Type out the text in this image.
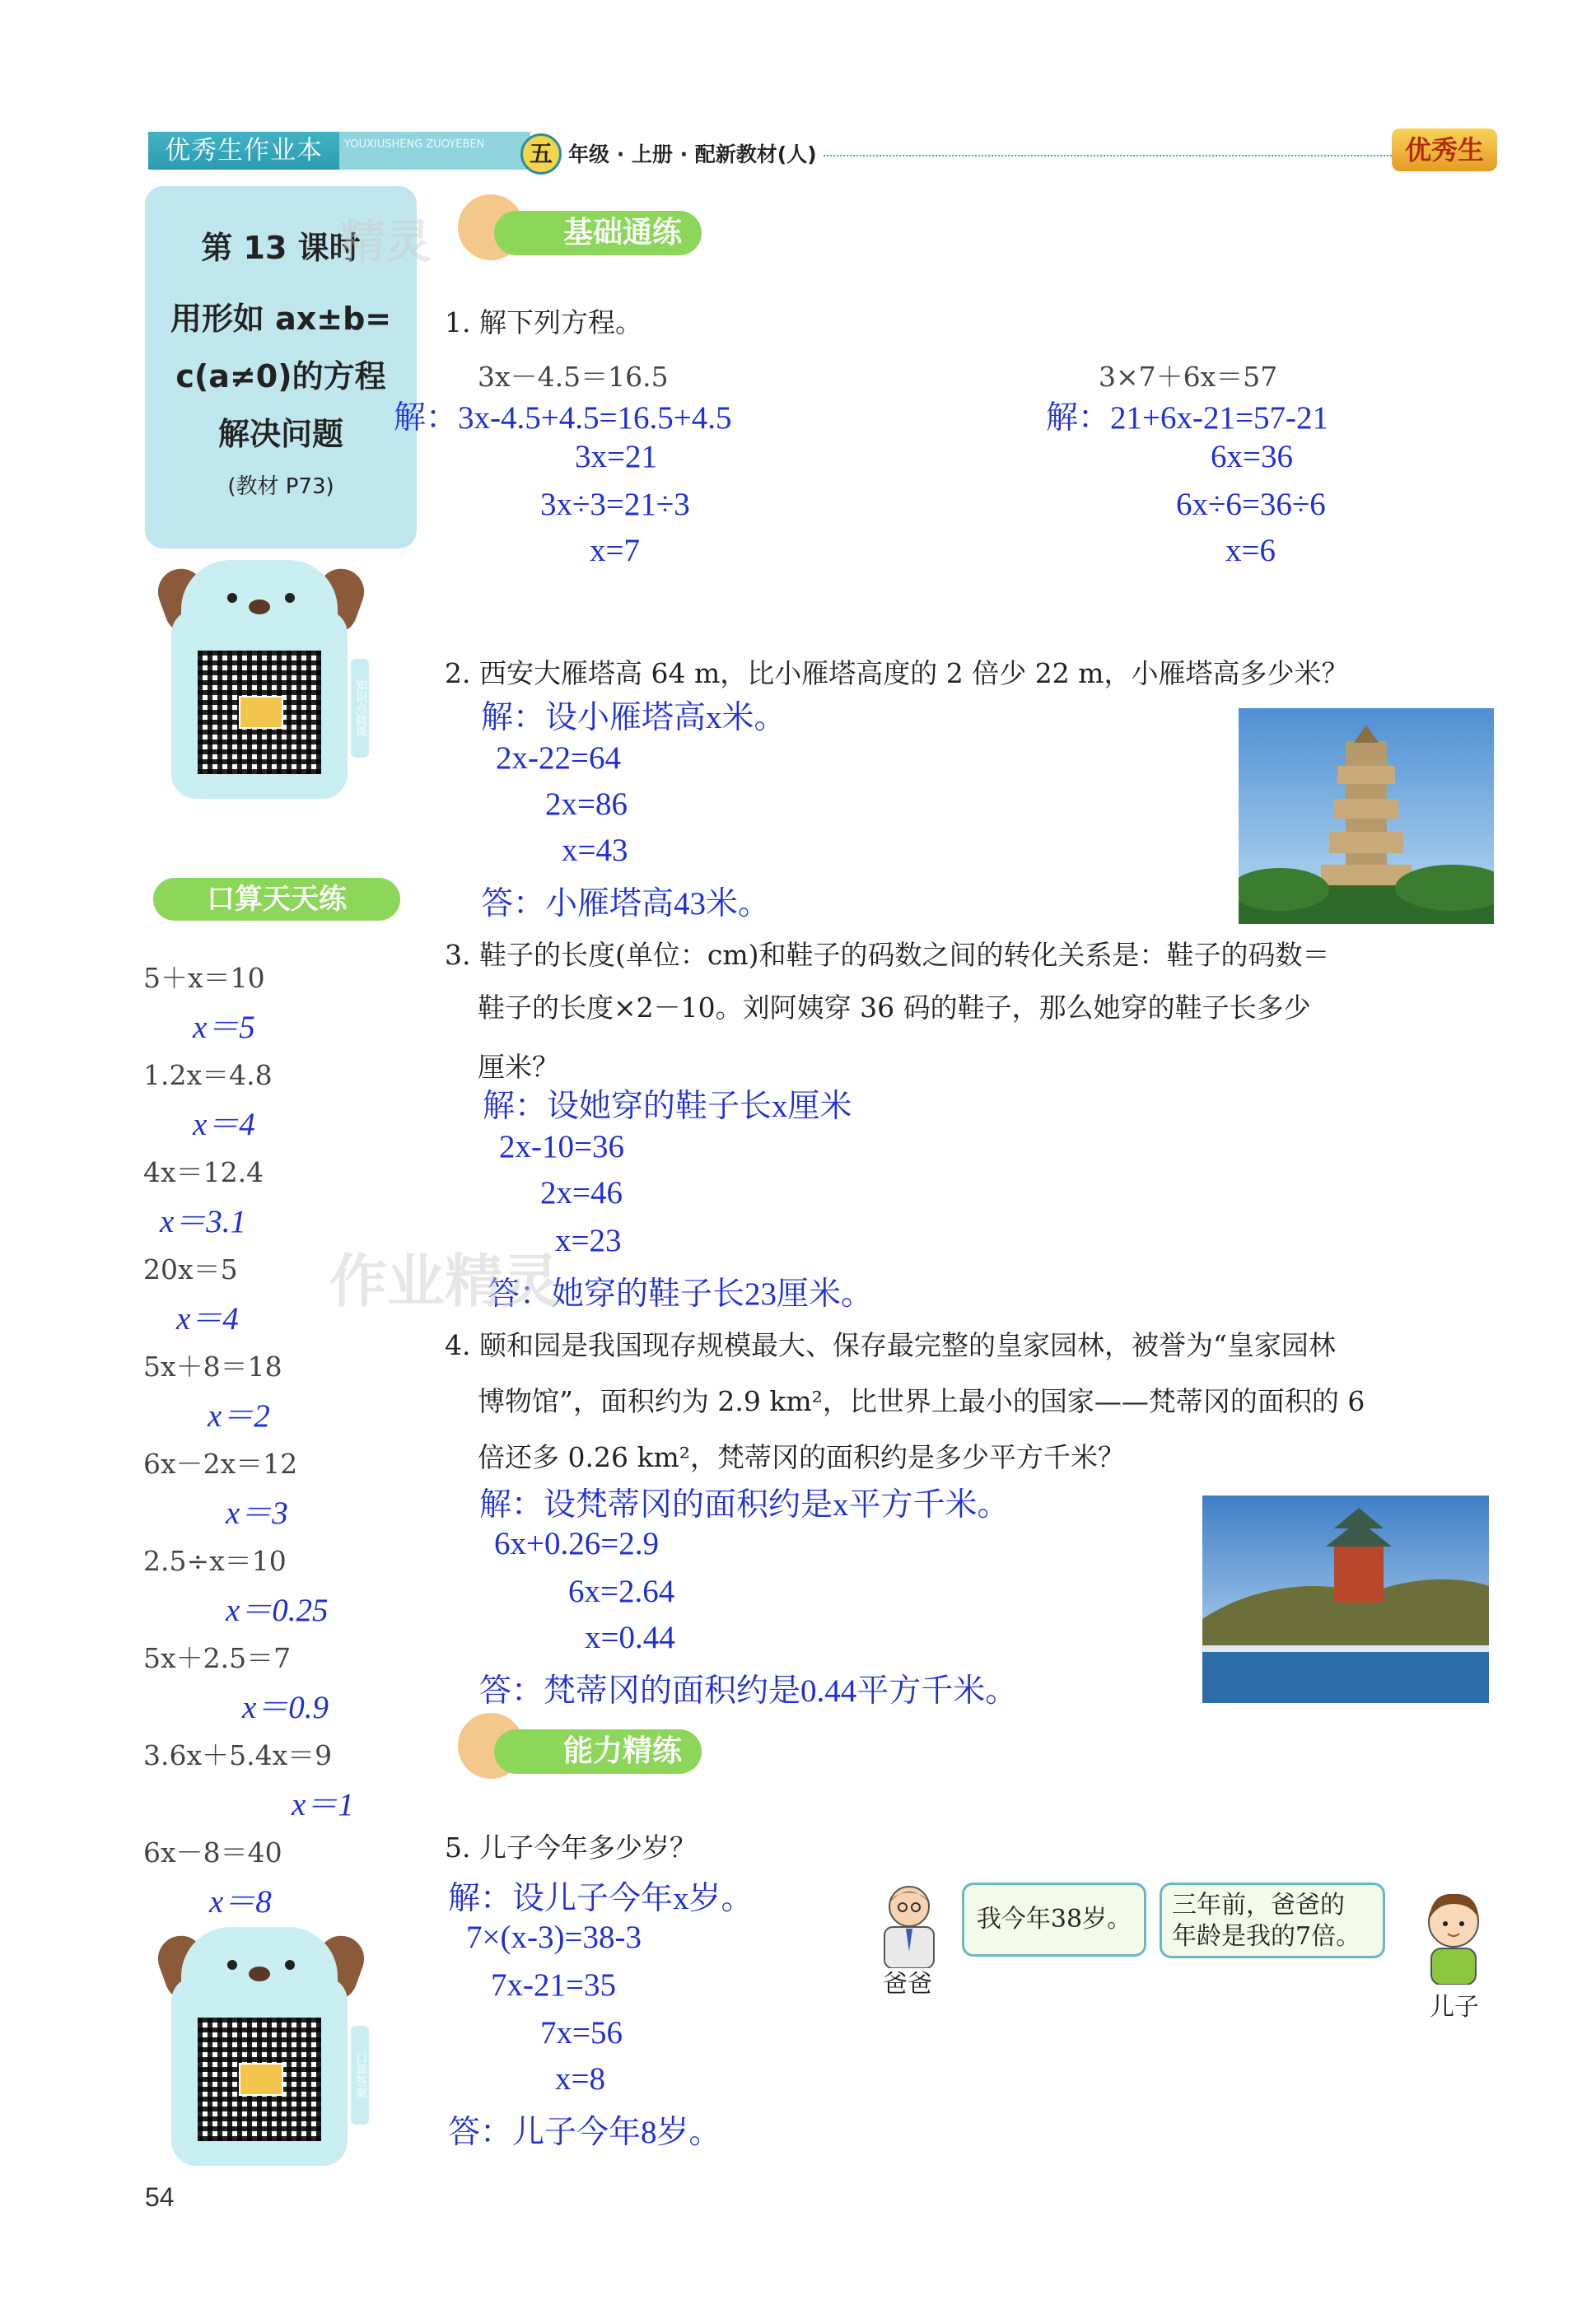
优秀生作业本	YOUXIUSHENG ZUOYEBEN	五 年级 · 上册 · 配新教材(人)	优秀生
第 13 课时
用形如 ax±b=
c(a≠0)的方程
解决问题
(教材 P73)
精灵
知识点微课
口算天天练
5＋x＝10
x＝5
1.2x＝4.8
x＝4
4x＝12.4
x＝3.1
20x＝5
x＝4
5x＋8＝18
x＝2
6x－2x＝12
x＝3
2.5÷x＝10
x＝0.25
5x＋2.5＝7
x＝0.9
3.6x＋5.4x＝9
x＝1
6x－8＝40
x＝8
口算答案
54
基础通练
1. 解下列方程。
3x－4.5＝16.5
解：3x-4.5+4.5=16.5+4.5
3x=21
3x÷3=21÷3
x=7
3×7＋6x＝57
解：21+6x-21=57-21
6x=36
6x÷6=36÷6
x=6
2. 西安大雁塔高 64 m，比小雁塔高度的 2 倍少 22 m，小雁塔高多少米？
解：设小雁塔高x米。
2x-22=64
2x=86
x=43
答：小雁塔高43米。
3. 鞋子的长度(单位：cm)和鞋子的码数之间的转化关系是：鞋子的码数＝
鞋子的长度×2－10。刘阿姨穿 36 码的鞋子，那么她穿的鞋子长多少
厘米？
解：设她穿的鞋子长x厘米
2x-10=36
2x=46
x=23
答：她穿的鞋子长23厘米。
作业精灵
4. 颐和园是我国现存规模最大、保存最完整的皇家园林，被誉为“皇家园林
博物馆”，面积约为 2.9 km²，比世界上最小的国家——梵蒂冈的面积的 6
倍还多 0.26 km²，梵蒂冈的面积约是多少平方千米？
解：设梵蒂冈的面积约是x平方千米。
6x+0.26=2.9
6x=2.64
x=0.44
答：梵蒂冈的面积约是0.44平方千米。
能力精练
5. 儿子今年多少岁？
解：设儿子今年x岁。
7×(x-3)=38-3
7x-21=35
7x=56
x=8
答：儿子今年8岁。
爸爸
我今年38岁。	三年前，爸爸的
年龄是我的7倍。
儿子
